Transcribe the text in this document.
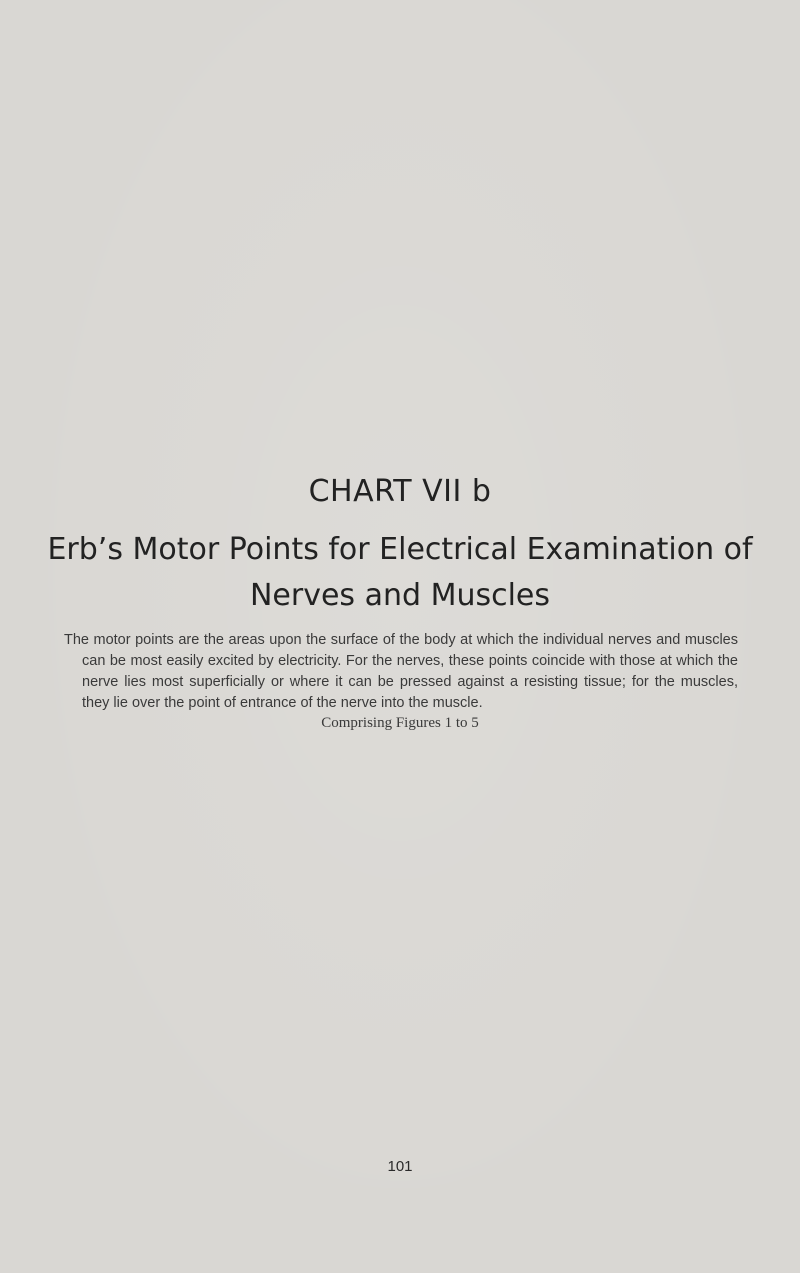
CHART VII b
Erb’s Motor Points for Electrical Examination of Nerves and Muscles
The motor points are the areas upon the surface of the body at which the individual nerves and muscles can be most easily excited by electricity. For the nerves, these points coincide with those at which the nerve lies most superficially or where it can be pressed against a resisting tissue; for the muscles, they lie over the point of entrance of the nerve into the muscle.
Comprising Figures 1 to 5
101
